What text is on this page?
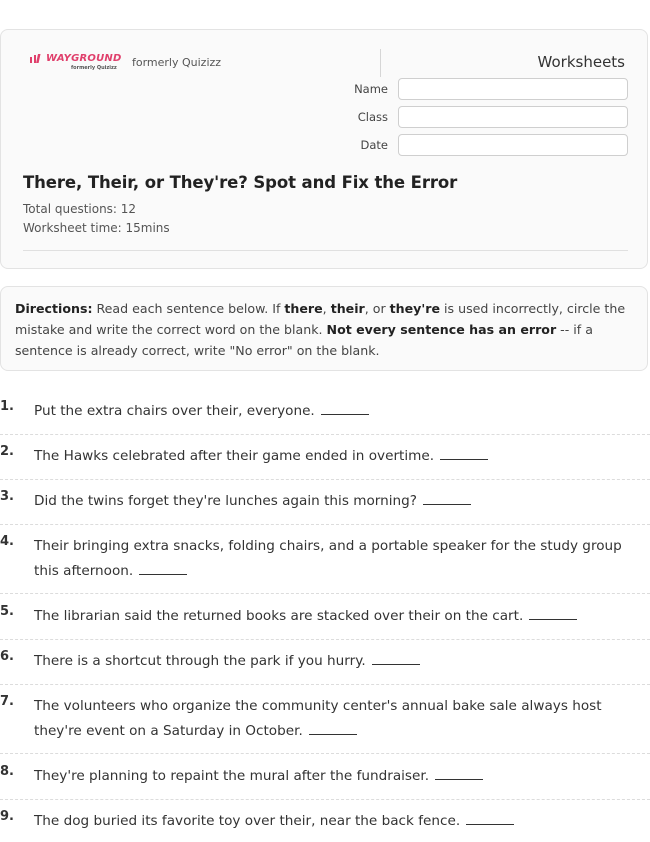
WAYGROUND
formerly Quizizz	formerly Quizizz	Worksheets
Name
Class
Date
There, Their, or They're? Spot and Fix the Error
Total questions: 12
Worksheet time: 15mins
Directions: Read each sentence below. If there, their, or they're is used incorrectly, circle the mistake and write the correct word on the blank. Not every sentence has an error -- if a sentence is already correct, write "No error" on the blank.
1. Put the extra chairs over their, everyone.
2. The Hawks celebrated after their game ended in overtime.
3. Did the twins forget they're lunches again this morning?
4. Their bringing extra snacks, folding chairs, and a portable speaker for the study group this afternoon.
5. The librarian said the returned books are stacked over their on the cart.
6. There is a shortcut through the park if you hurry.
7. The volunteers who organize the community center's annual bake sale always host they're event on a Saturday in October.
8. They're planning to repaint the mural after the fundraiser.
9. The dog buried its favorite toy over their, near the back fence.
